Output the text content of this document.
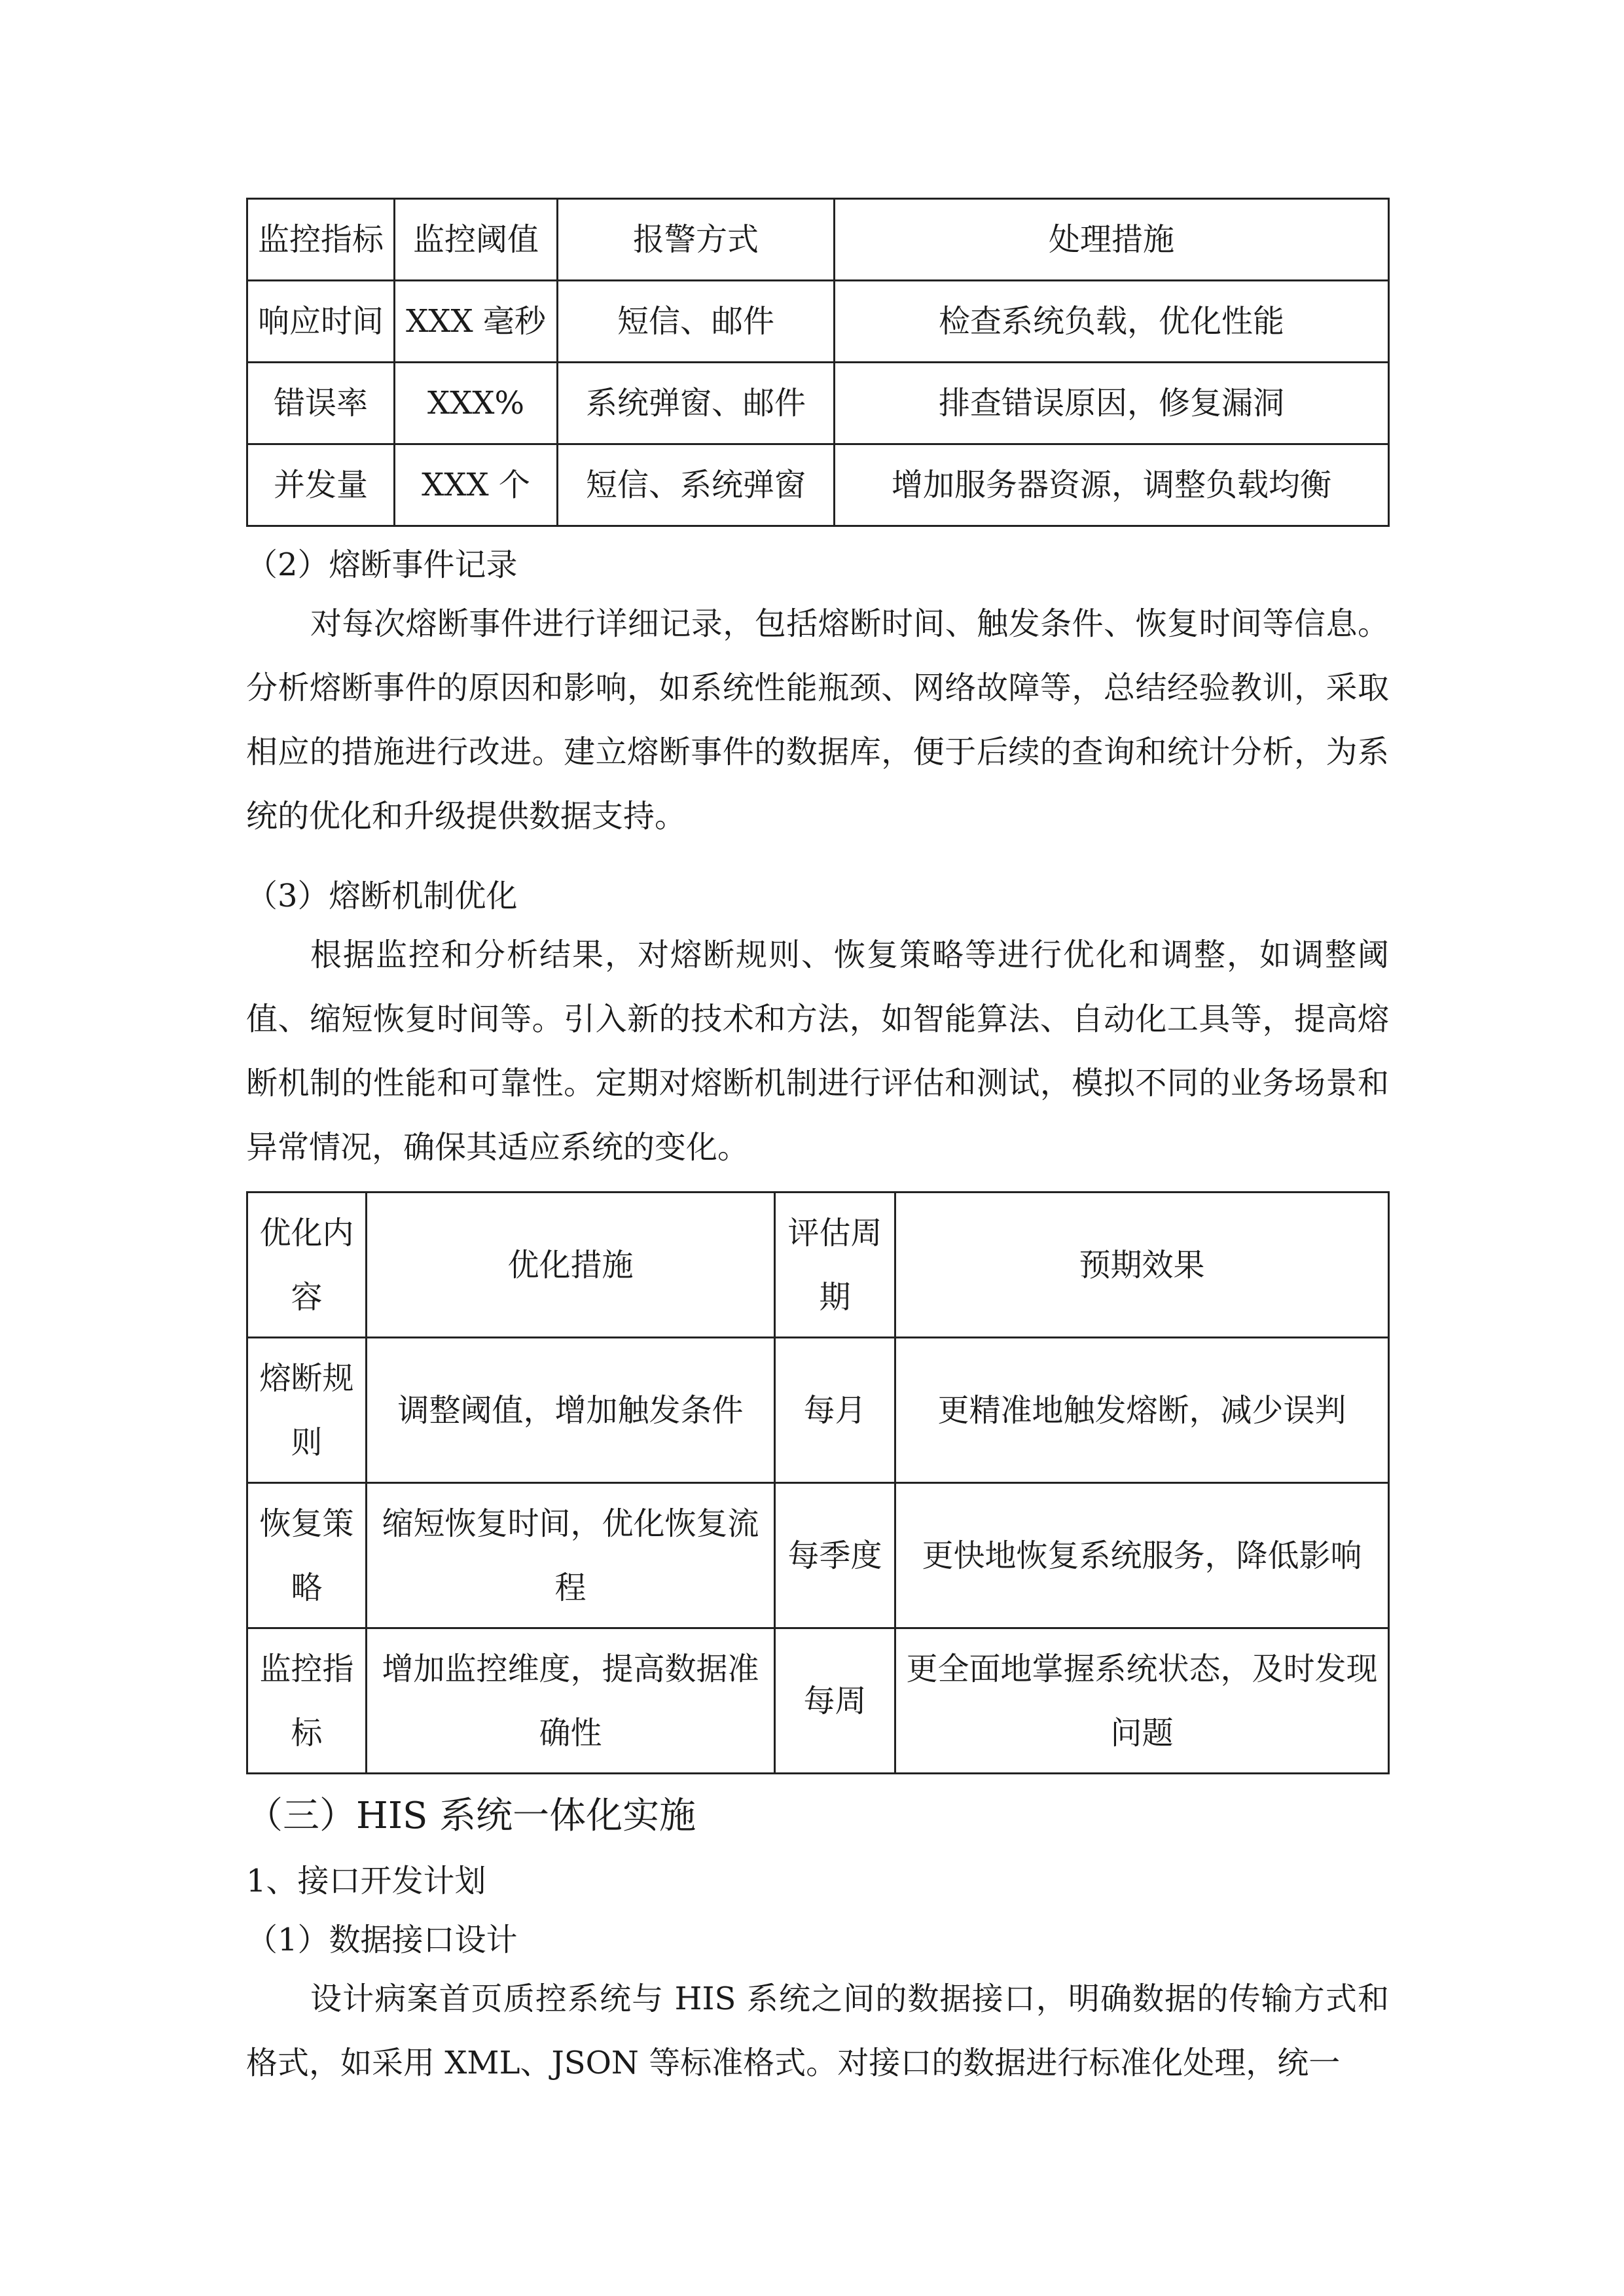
监控指标	监控阈值	报警方式	处理措施
响应时间	XXX 毫秒	短信、邮件	检查系统负载，优化性能
错误率	XXX%	系统弹窗、邮件	排查错误原因，修复漏洞
并发量	XXX 个	短信、系统弹窗	增加服务器资源，调整负载均衡
（2）熔断事件记录
对每次熔断事件进行详细记录，包括熔断时间、触发条件、恢复时间等信息。分析熔断事件的原因和影响，如系统性能瓶颈、网络故障等，总结经验教训，采取相应的措施进行改进。建立熔断事件的数据库，便于后续的查询和统计分析，为系统的优化和升级提供数据支持。
（3）熔断机制优化
根据监控和分析结果，对熔断规则、恢复策略等进行优化和调整，如调整阈值、缩短恢复时间等。引入新的技术和方法，如智能算法、自动化工具等，提高熔断机制的性能和可靠性。定期对熔断机制进行评估和测试，模拟不同的业务场景和异常情况，确保其适应系统的变化。
优化内容	优化措施	评估周期	预期效果
熔断规则	调整阈值，增加触发条件	每月	更精准地触发熔断，减少误判
恢复策略	缩短恢复时间，优化恢复流程	每季度	更快地恢复系统服务，降低影响
监控指标	增加监控维度，提高数据准确性	每周	更全面地掌握系统状态，及时发现问题
（三）HIS 系统一体化实施
1、接口开发计划
（1）数据接口设计
设计病案首页质控系统与 HIS 系统之间的数据接口，明确数据的传输方式和格式，如采用 XML、JSON 等标准格式。对接口的数据进行标准化处理，统一
